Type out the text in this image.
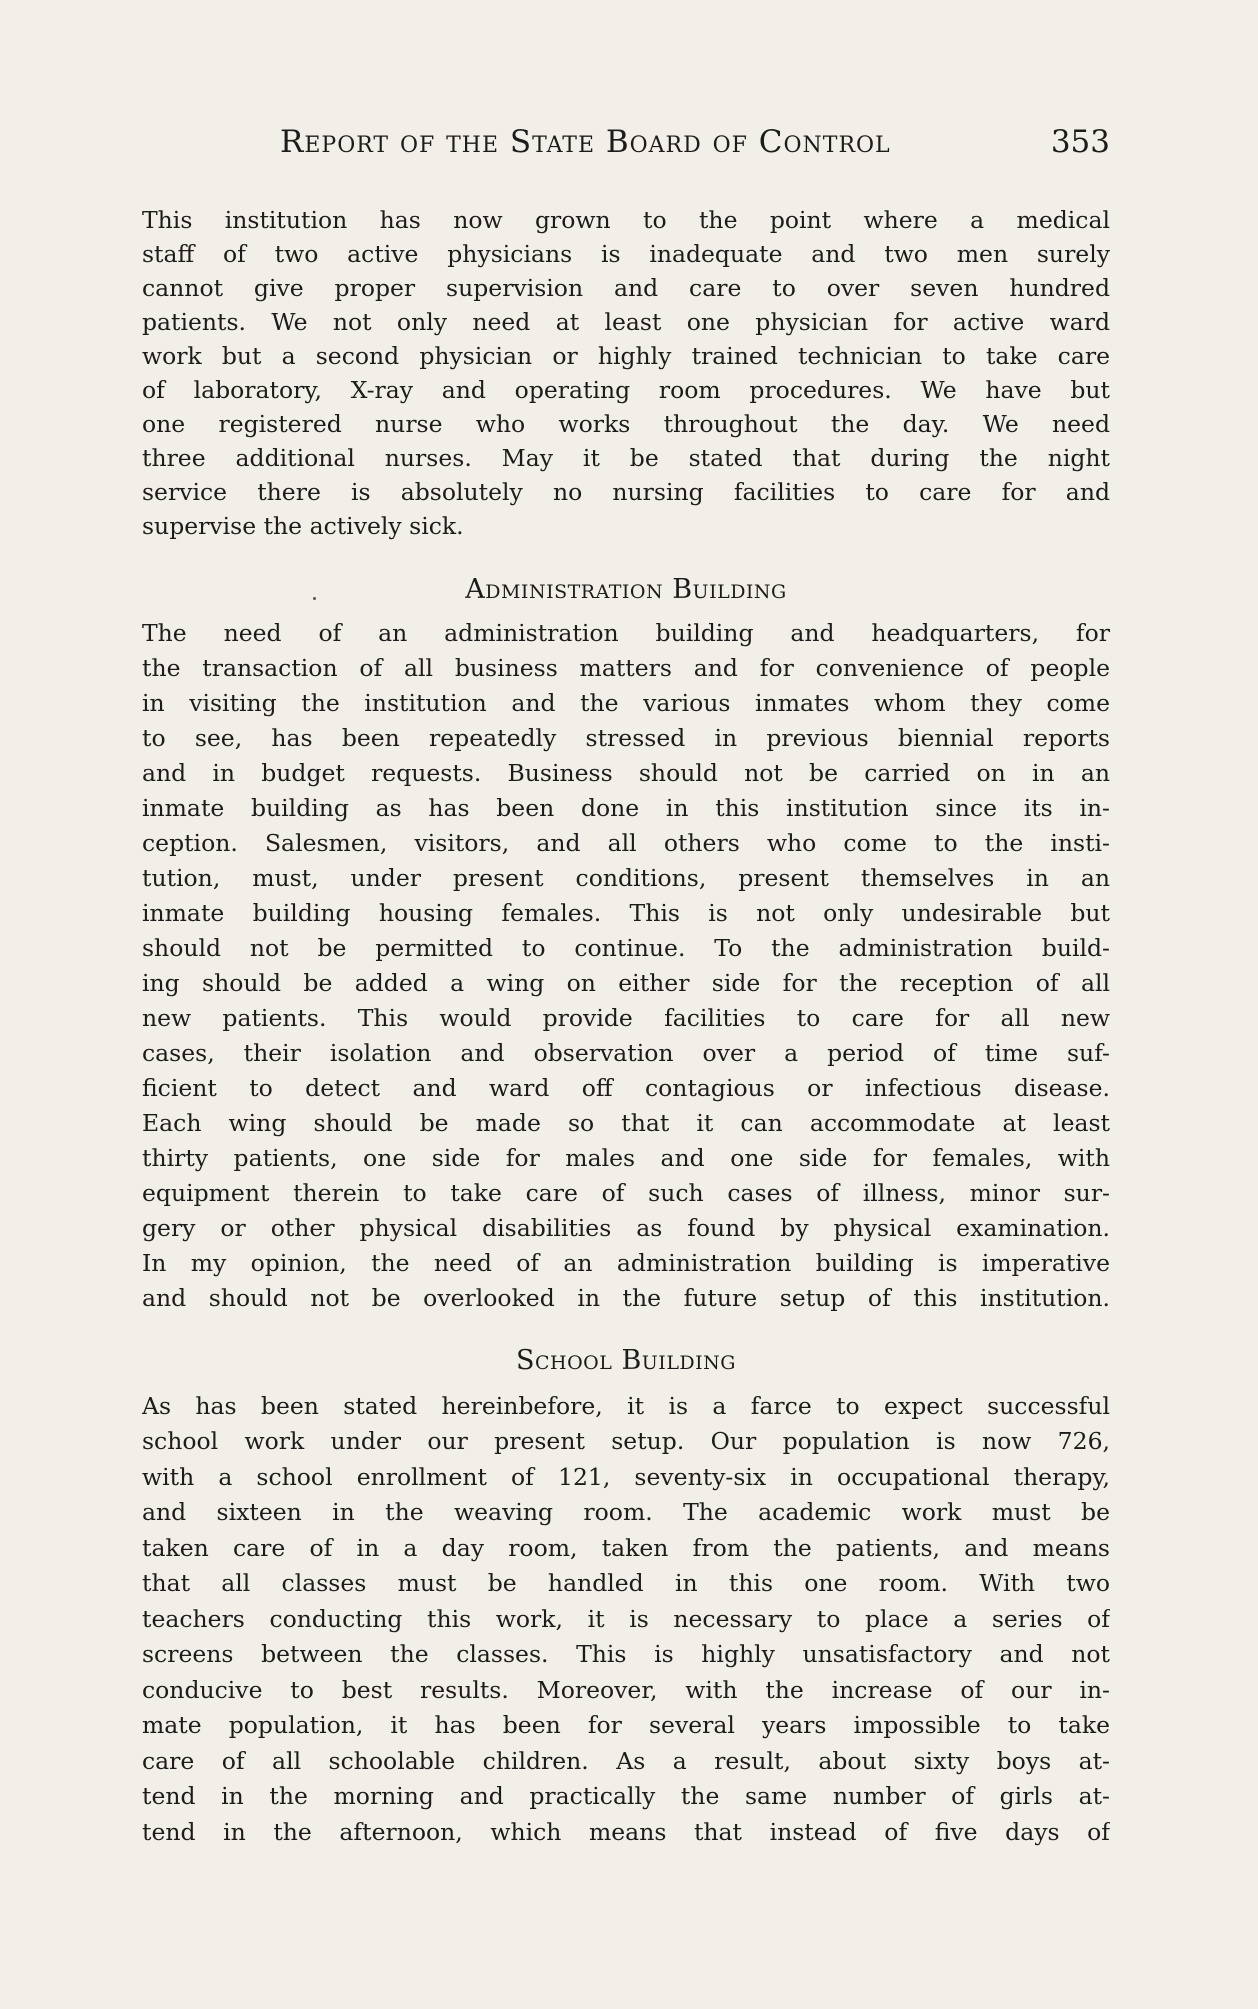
Report of the State Board of Control	353
This institution has now grown to the point where a medical
staff of two active physicians is inadequate and two men surely
cannot give proper supervision and care to over seven hundred
patients. We not only need at least one physician for active ward
work but a second physician or highly trained technician to take care
of laboratory, X-ray and operating room procedures. We have but
one registered nurse who works throughout the day. We need
three additional nurses. May it be stated that during the night
service there is absolutely no nursing facilities to care for and
supervise the actively sick.
Administration Building
The need of an administration building and headquarters, for
the transaction of all business matters and for convenience of people
in visiting the institution and the various inmates whom they come
to see, has been repeatedly stressed in previous biennial reports
and in budget requests. Business should not be carried on in an
inmate building as has been done in this institution since its in-
ception. Salesmen, visitors, and all others who come to the insti-
tution, must, under present conditions, present themselves in an
inmate building housing females. This is not only undesirable but
should not be permitted to continue. To the administration build-
ing should be added a wing on either side for the reception of all
new patients. This would provide facilities to care for all new
cases, their isolation and observation over a period of time suf-
ficient to detect and ward off contagious or infectious disease.
Each wing should be made so that it can accommodate at least
thirty patients, one side for males and one side for females, with
equipment therein to take care of such cases of illness, minor sur-
gery or other physical disabilities as found by physical examination.
In my opinion, the need of an administration building is imperative
and should not be overlooked in the future setup of this institution.
School Building
As has been stated hereinbefore, it is a farce to expect successful
school work under our present setup. Our population is now 726,
with a school enrollment of 121, seventy-six in occupational therapy,
and sixteen in the weaving room. The academic work must be
taken care of in a day room, taken from the patients, and means
that all classes must be handled in this one room. With two
teachers conducting this work, it is necessary to place a series of
screens between the classes. This is highly unsatisfactory and not
conducive to best results. Moreover, with the increase of our in-
mate population, it has been for several years impossible to take
care of all schoolable children. As a result, about sixty boys at-
tend in the morning and practically the same number of girls at-
tend in the afternoon, which means that instead of five days of
